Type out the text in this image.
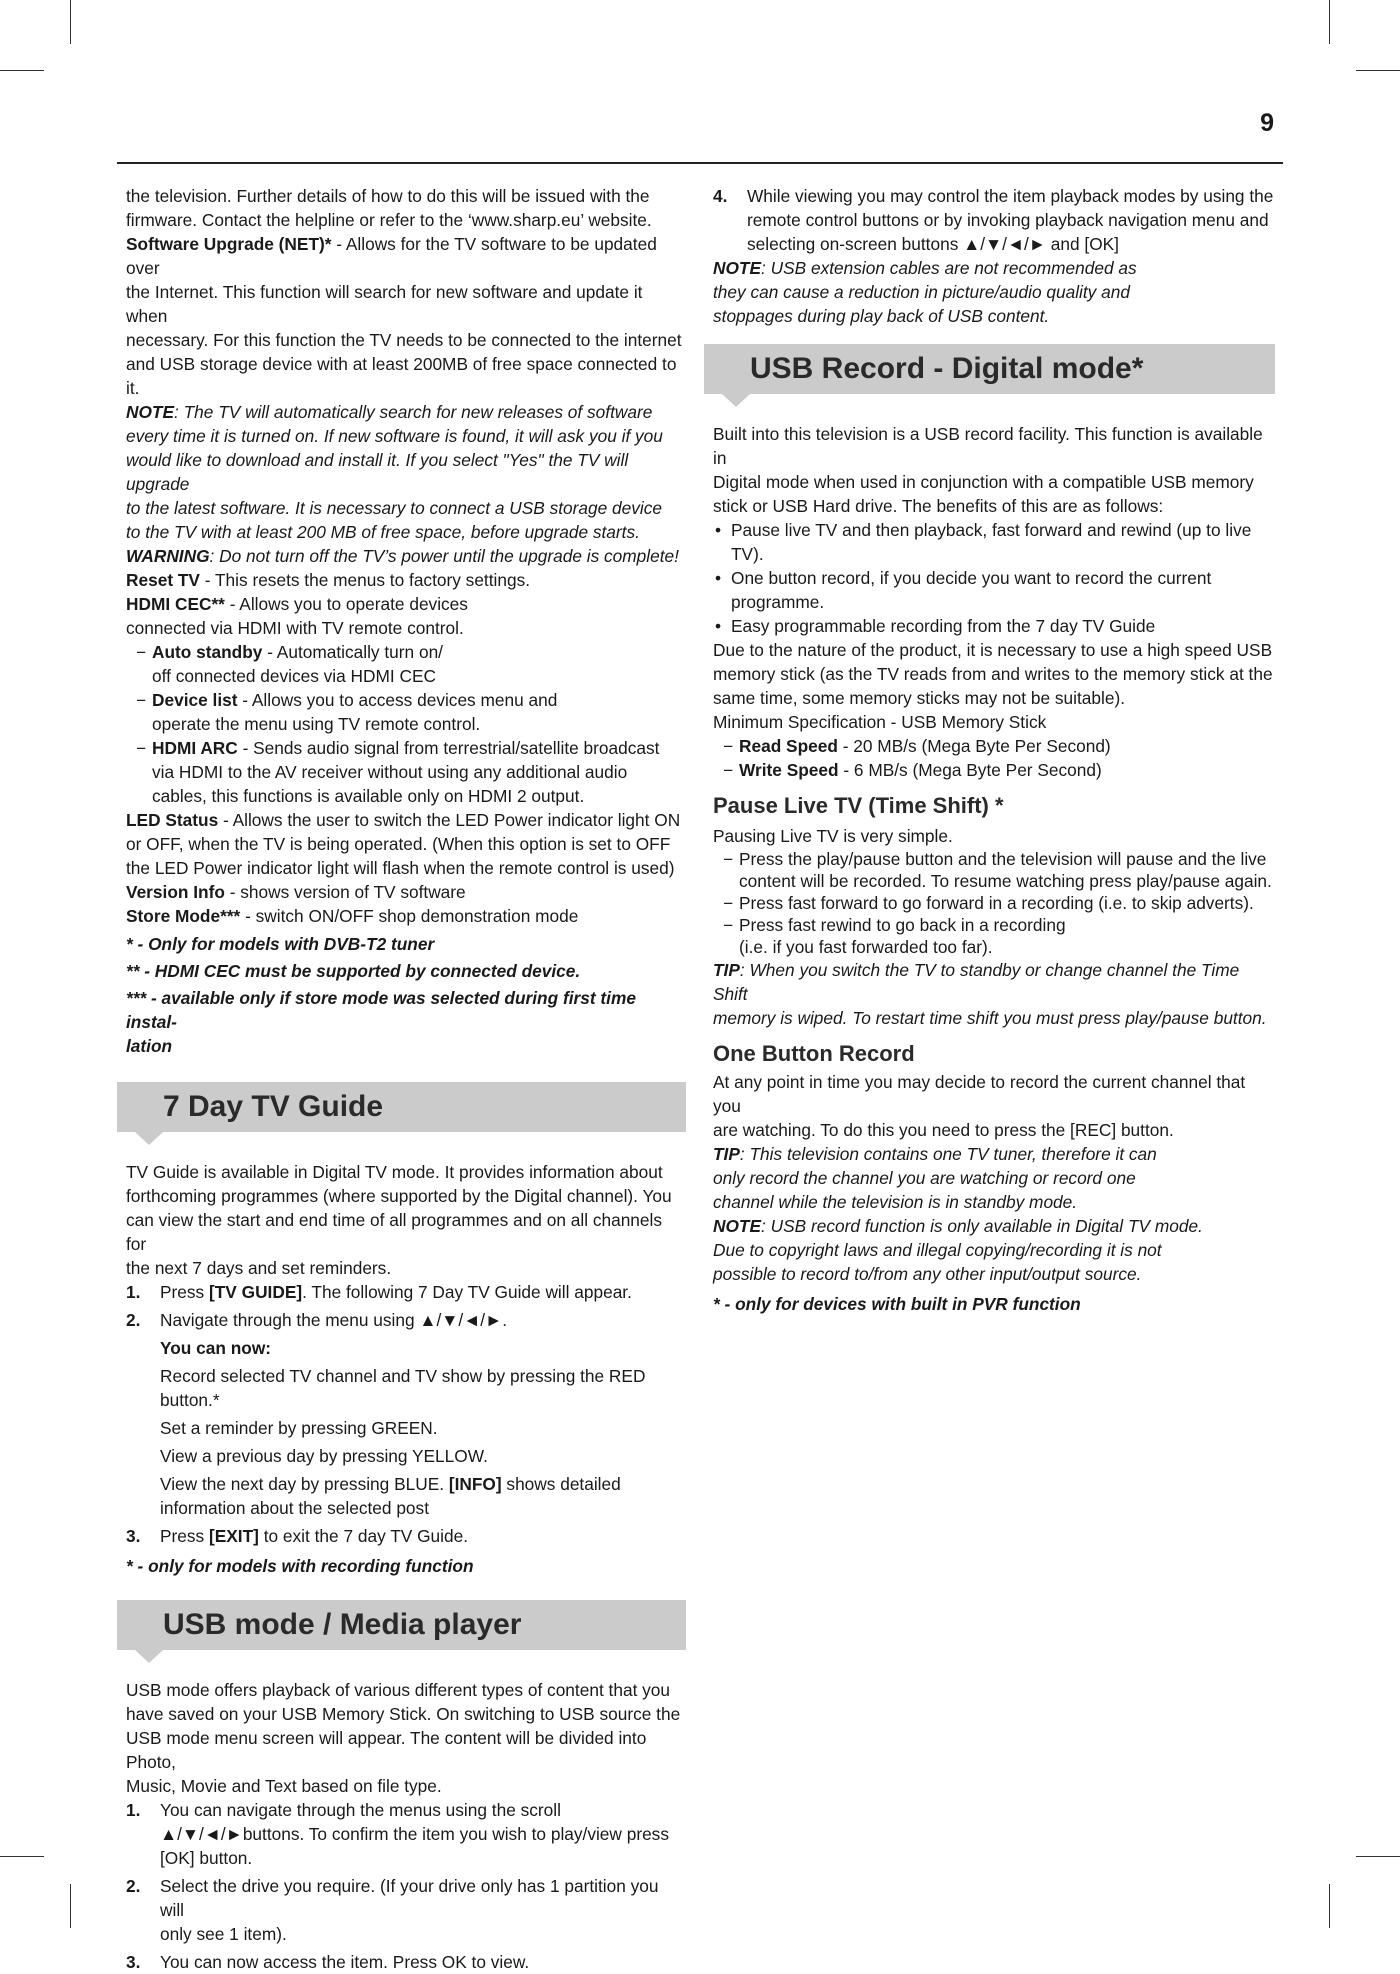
9

the television. Further details of how to do this will be issued with the

firmware. Contact the helpline or refer to the ‘www.sharp.eu’ website.

Software Upgrade (NET)* - Allows for the TV software to be updated over

the Internet. This function will search for new software and update it when

necessary. For this function the TV needs to be connected to the internet

and USB storage device with at least 200MB of free space connected to it.

NOTE: The TV will automatically search for new releases of software

every time it is turned on. If new software is found, it will ask you if you

would like to download and install it. If you select "Yes" the TV will upgrade

to the latest software. It is necessary to connect a USB storage device

to the TV with at least 200 MB of free space, before upgrade starts.

WARNING: Do not turn off the TV’s power until the upgrade is complete!

Reset TV - This resets the menus to factory settings.

HDMI CEC** - Allows you to operate devices

connected via HDMI with TV remote control.

− Auto standby - Automatically turn on/

off connected devices via HDMI CEC

− Device list - Allows you to access devices menu and

operate the menu using TV remote control.

− HDMI ARC - Sends audio signal from terrestrial/satellite broadcast

via HDMI to the AV receiver without using any additional audio

cables, this functions is available only on HDMI 2 output.

LED Status - Allows the user to switch the LED Power indicator light ON

or OFF, when the TV is being operated. (When this option is set to OFF

the LED Power indicator light will flash when the remote control is used)

Version Info - shows version of TV software

Store Mode*** - switch ON/OFF shop demonstration mode

* - Only for models with DVB-T2 tuner

** - HDMI CEC must be supported by connected device.

*** - available only if store mode was selected during first time instal-

lation

7 Day TV Guide

TV Guide is available in Digital TV mode. It provides information about

forthcoming programmes (where supported by the Digital channel). You

can view the start and end time of all programmes and on all channels for

the next 7 days and set reminders.

1. Press [TV GUIDE]. The following 7 Day TV Guide will appear.

2. Navigate through the menu using ▲/▼/◄/►.

You can now:

Record selected TV channel and TV show by pressing the RED button.*

Set a reminder by pressing GREEN.

View a previous day by pressing YELLOW.

View the next day by pressing BLUE. [INFO] shows detailed

information about the selected post

3. Press [EXIT] to exit the 7 day TV Guide.

* - only for models with recording function

USB mode / Media player

USB mode offers playback of various different types of content that you

have saved on your USB Memory Stick. On switching to USB source the

USB mode menu screen will appear. The content will be divided into Photo,

Music, Movie and Text based on file type.

1. You can navigate through the menus using the scroll

▲/▼/◄/►buttons. To confirm the item you wish to play/view press

[OK] button.

2. Select the drive you require. (If your drive only has 1 partition you will

only see 1 item).

3. You can now access the item. Press OK to view.

4. While viewing you may control the item playback modes by using the

remote control buttons or by invoking playback navigation menu and

selecting on-screen buttons ▲/▼/◄/► and [OK]

NOTE: USB extension cables are not recommended as

they can cause a reduction in picture/audio quality and

stoppages during play back of USB content.

USB Record - Digital mode*

Built into this television is a USB record facility. This function is available in

Digital mode when used in conjunction with a compatible USB memory

stick or USB Hard drive. The benefits of this are as follows:

• Pause live TV and then playback, fast forward and rewind (up to live TV).

• One button record, if you decide you want to record the current

programme.

• Easy programmable recording from the 7 day TV Guide

Due to the nature of the product, it is necessary to use a high speed USB

memory stick (as the TV reads from and writes to the memory stick at the

same time, some memory sticks may not be suitable).

Minimum Specification - USB Memory Stick

− Read Speed - 20 MB/s (Mega Byte Per Second)

− Write Speed - 6 MB/s (Mega Byte Per Second)

Pause Live TV (Time Shift) *

Pausing Live TV is very simple.

− Press the play/pause button and the television will pause and the live

content will be recorded. To resume watching press play/pause again.

− Press fast forward to go forward in a recording (i.e. to skip adverts).

− Press fast rewind to go back in a recording

(i.e. if you fast forwarded too far).

TIP: When you switch the TV to standby or change channel the Time Shift

memory is wiped. To restart time shift you must press play/pause button.

One Button Record

At any point in time you may decide to record the current channel that you

are watching. To do this you need to press the [REC] button.

TIP: This television contains one TV tuner, therefore it can

only record the channel you are watching or record one

channel while the television is in standby mode.

NOTE: USB record function is only available in Digital TV mode.

Due to copyright laws and illegal copying/recording it is not

possible to record to/from any other input/output source.

* - only for devices with built in PVR function
